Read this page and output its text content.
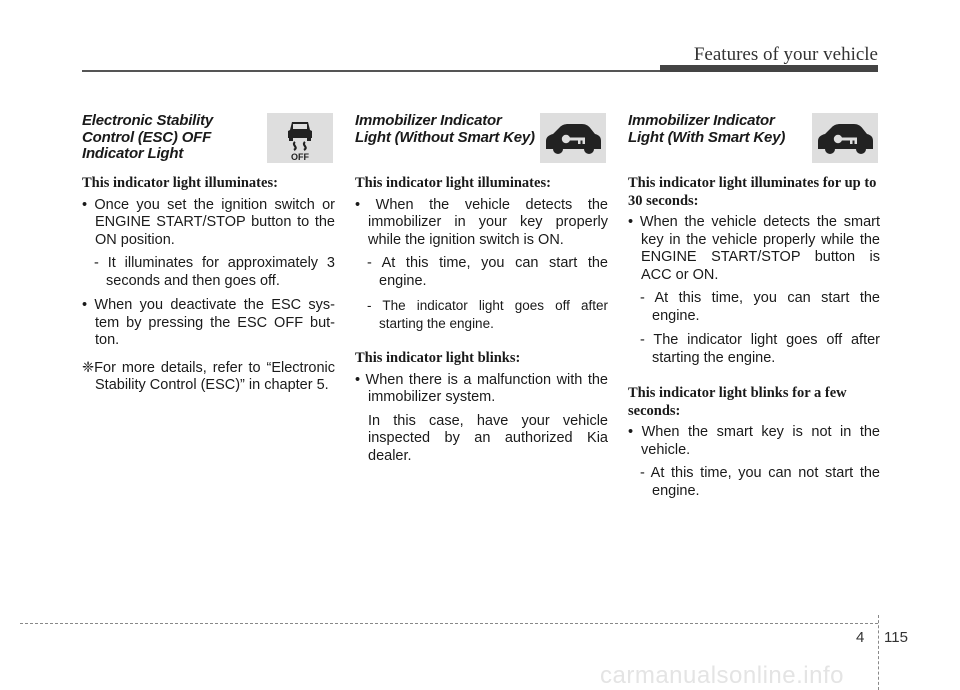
Features of your vehicle
Electronic Stability
Control (ESC) OFF
Indicator Light	OFF
This indicator light illuminates:
• Once you set the ignition switch or ENGINE START/STOP button to the ON position.
- It illuminates for approximately 3 seconds and then goes off.
• When you deactivate the ESC sys-tem by pressing the ESC OFF but-ton.
❈For more details, refer to “Electronic Stability Control (ESC)” in chapter 5.
Immobilizer Indicator
Light (Without Smart Key)
This indicator light illuminates:
• When the vehicle detects the immobilizer in your key properly while the ignition switch is ON.
- At this time, you can start the engine.
- The indicator light goes off after starting the engine.
This indicator light blinks:
• When there is a malfunction with the immobilizer system.
In this case, have your vehicle inspected by an authorized Kia dealer.
Immobilizer Indicator
Light (With Smart Key)
This indicator light illuminates for up to 30 seconds:
• When the vehicle detects the smart key in the vehicle properly while the ENGINE START/STOP button is ACC or ON.
- At this time, you can start the engine.
- The indicator light goes off after starting the engine.
This indicator light blinks for a few seconds:
• When the smart key is not in the vehicle.
- At this time, you can not start the engine.
4 115
carmanualsonline.info
